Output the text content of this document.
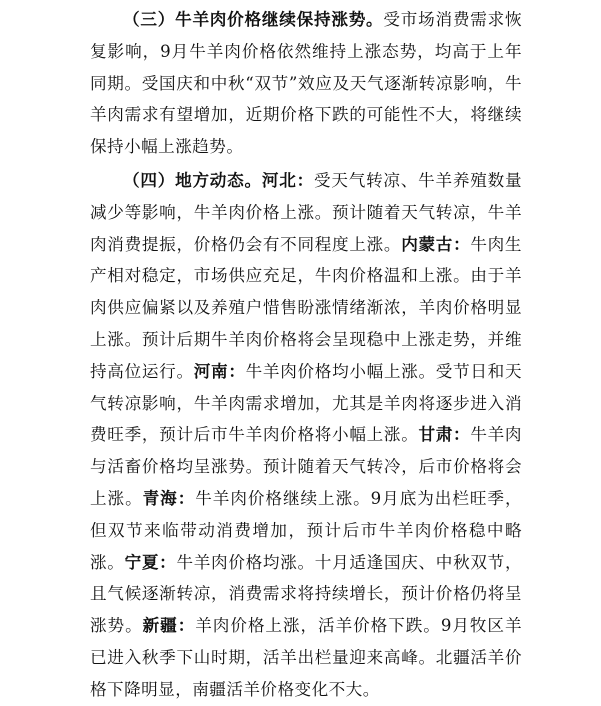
（三）牛羊肉价格继续保持涨势。受市场消费需求恢复影响，9月牛羊肉价格依然维持上涨态势，均高于上年同期。受国庆和中秋“双节”效应及天气逐渐转凉影响，牛羊肉需求有望增加，近期价格下跌的可能性不大，将继续保持小幅上涨趋势。

（四）地方动态。河北：受天气转凉、牛羊养殖数量减少等影响，牛羊肉价格上涨。预计随着天气转凉，牛羊肉消费提振，价格仍会有不同程度上涨。内蒙古：牛肉生产相对稳定，市场供应充足，牛肉价格温和上涨。由于羊肉供应偏紧以及养殖户惜售盼涨情绪渐浓，羊肉价格明显上涨。预计后期牛羊肉价格将会呈现稳中上涨走势，并维持高位运行。河南：牛羊肉价格均小幅上涨。受节日和天气转凉影响，牛羊肉需求增加，尤其是羊肉将逐步进入消费旺季，预计后市牛羊肉价格将小幅上涨。甘肃：牛羊肉与活畜价格均呈涨势。预计随着天气转冷，后市价格将会上涨。青海：牛羊肉价格继续上涨。9月底为出栏旺季，但双节来临带动消费增加，预计后市牛羊肉价格稳中略涨。宁夏：牛羊肉价格均涨。十月适逢国庆、中秋双节，且气候逐渐转凉，消费需求将持续增长，预计价格仍将呈涨势。新疆：羊肉价格上涨，活羊价格下跌。9月牧区羊已进入秋季下山时期，活羊出栏量迎来高峰。北疆活羊价格下降明显，南疆活羊价格变化不大。
